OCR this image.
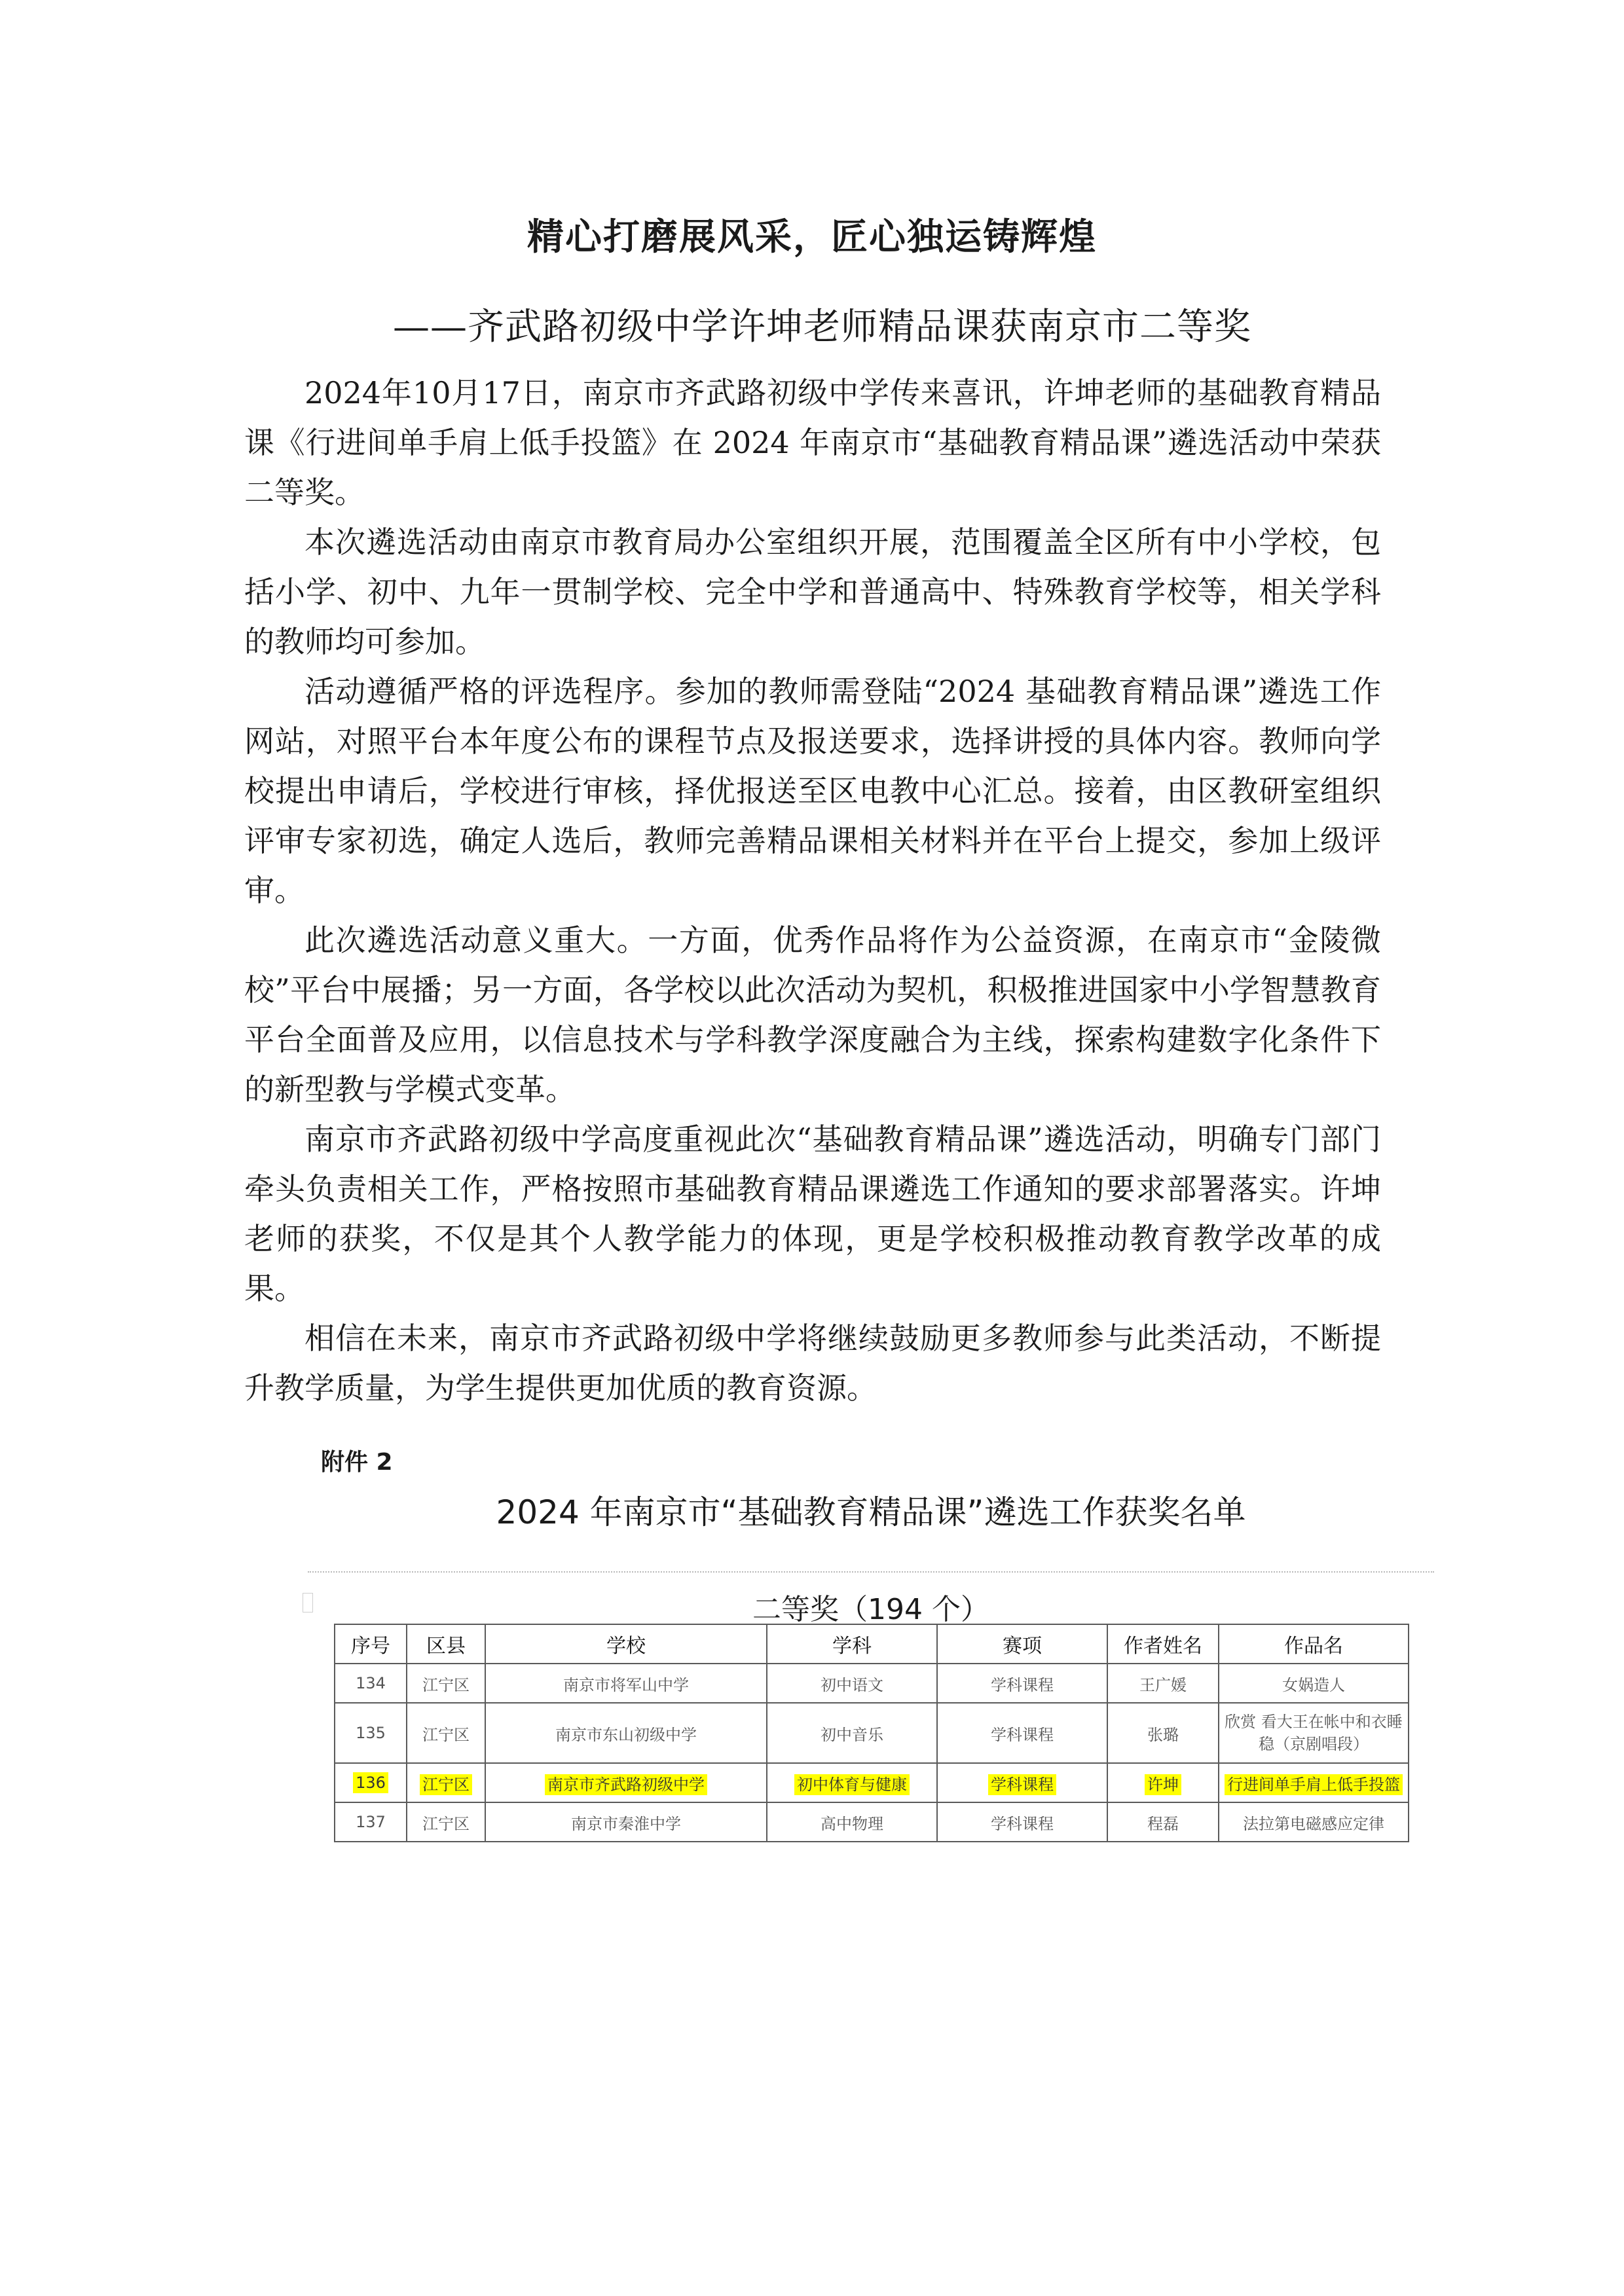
精心打磨展风采，匠心独运铸辉煌
——齐武路初级中学许坤老师精品课获南京市二等奖

2024年10月17日，南京市齐武路初级中学传来喜讯，许坤老师的基础教育精品课《行进间单手肩上低手投篮》在 2024 年南京市“基础教育精品课”遴选活动中荣获二等奖。

本次遴选活动由南京市教育局办公室组织开展，范围覆盖全区所有中小学校，包括小学、初中、九年一贯制学校、完全中学和普通高中、特殊教育学校等，相关学科的教师均可参加。

活动遵循严格的评选程序。参加的教师需登陆“2024 基础教育精品课”遴选工作网站，对照平台本年度公布的课程节点及报送要求，选择讲授的具体内容。教师向学校提出申请后，学校进行审核，择优报送至区电教中心汇总。接着，由区教研室组织评审专家初选，确定人选后，教师完善精品课相关材料并在平台上提交，参加上级评审。

此次遴选活动意义重大。一方面，优秀作品将作为公益资源，在南京市“金陵微校”平台中展播；另一方面，各学校以此次活动为契机，积极推进国家中小学智慧教育平台全面普及应用，以信息技术与学科教学深度融合为主线，探索构建数字化条件下的新型教与学模式变革。

南京市齐武路初级中学高度重视此次“基础教育精品课”遴选活动，明确专门部门牵头负责相关工作，严格按照市基础教育精品课遴选工作通知的要求部署落实。许坤老师的获奖，不仅是其个人教学能力的体现，更是学校积极推动教育教学改革的成果。

相信在未来，南京市齐武路初级中学将继续鼓励更多教师参与此类活动，不断提升教学质量，为学生提供更加优质的教育资源。

附件 2
2024 年南京市“基础教育精品课”遴选工作获奖名单
二等奖（194 个）
序号	区县	学校	学科	赛项	作者姓名	作品名
134	江宁区	南京市将军山中学	初中语文	学科课程	王广媛	女娲造人
135	江宁区	南京市东山初级中学	初中音乐	学科课程	张璐	欣赏 看大王在帐中和衣睡稳（京剧唱段）
136	江宁区	南京市齐武路初级中学	初中体育与健康	学科课程	许坤	行进间单手肩上低手投篮
137	江宁区	南京市秦淮中学	高中物理	学科课程	程磊	法拉第电磁感应定律
